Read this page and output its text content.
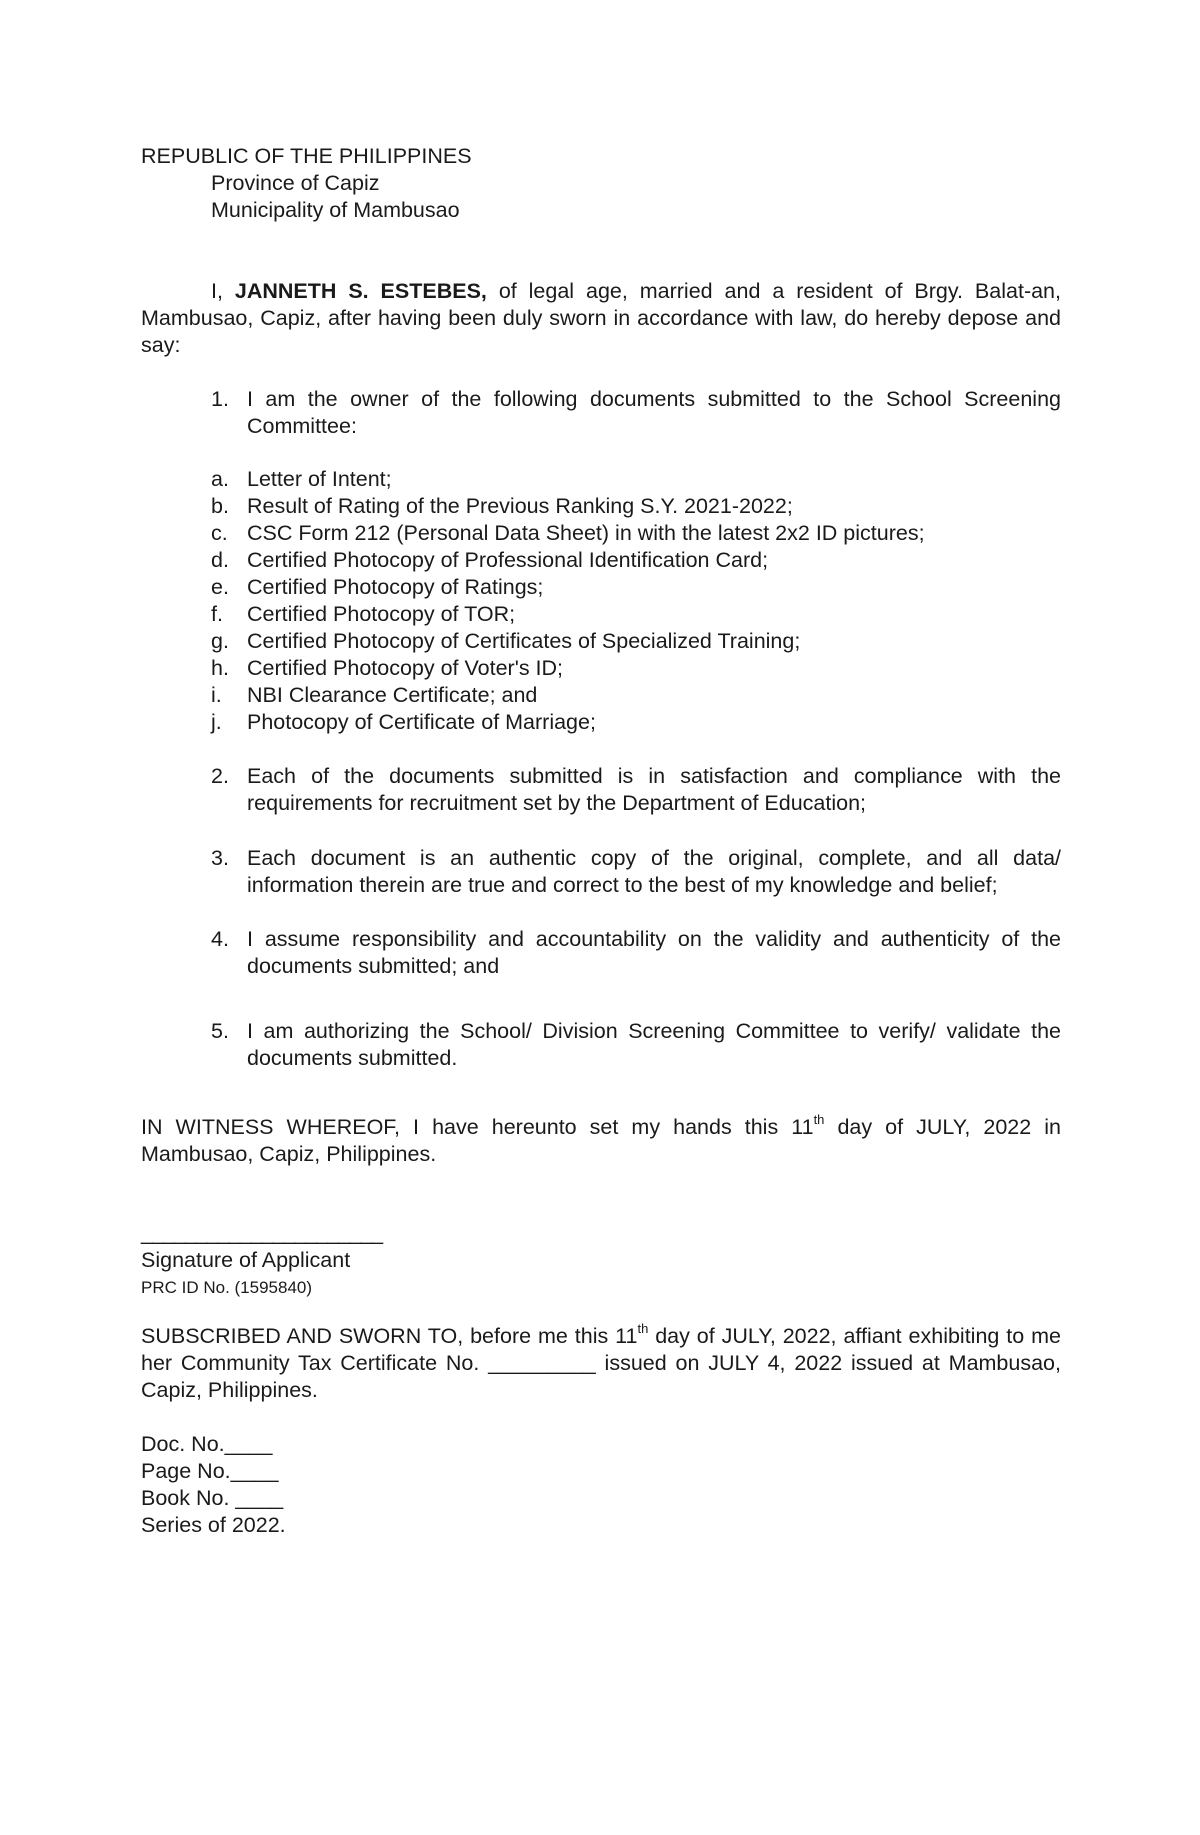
REPUBLIC OF THE PHILIPPINES
Province of Capiz
Municipality of Mambusao
I, JANNETH S. ESTEBES, of legal age, married and a resident of Brgy. Balat-an, Mambusao, Capiz, after having been duly sworn in accordance with law, do hereby depose and say:
1. I am the owner of the following documents submitted to the School Screening Committee:
a. Letter of Intent;
b. Result of Rating of the Previous Ranking S.Y. 2021-2022;
c. CSC Form 212 (Personal Data Sheet) in with the latest 2x2 ID pictures;
d. Certified Photocopy of Professional Identification Card;
e. Certified Photocopy of Ratings;
f. Certified Photocopy of TOR;
g. Certified Photocopy of Certificates of Specialized Training;
h. Certified Photocopy of Voter's ID;
i. NBI Clearance Certificate; and
j. Photocopy of Certificate of Marriage;
2. Each of the documents submitted is in satisfaction and compliance with the requirements for recruitment set by the Department of Education;
3. Each document is an authentic copy of the original, complete, and all data/ information therein are true and correct to the best of my knowledge and belief;
4. I assume responsibility and accountability on the validity and authenticity of the documents submitted; and
5. I am authorizing the School/ Division Screening Committee to verify/ validate the documents submitted.
IN WITNESS WHEREOF, I have hereunto set my hands this 11th day of JULY, 2022 in Mambusao, Capiz, Philippines.
______________________
Signature of Applicant
PRC ID No. (1595840)
SUBSCRIBED AND SWORN TO, before me this 11th day of JULY, 2022, affiant exhibiting to me her Community Tax Certificate No. _________ issued on JULY 4, 2022 issued at Mambusao, Capiz, Philippines.
Doc. No.____
Page No.____
Book No. ____
Series of 2022.
